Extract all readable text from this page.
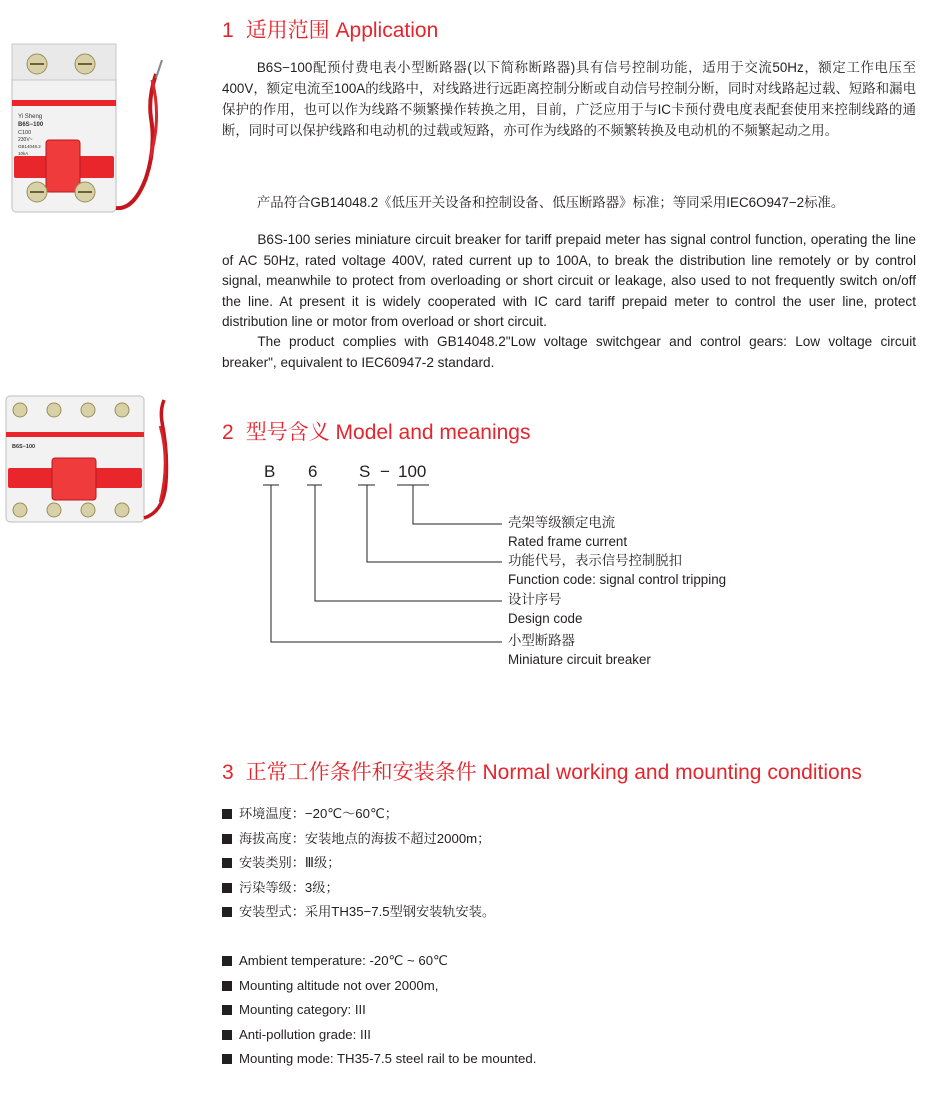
1 适用范围 Application

B6S−100配预付费电表小型断路器(以下简称断路器)具有信号控制功能，适用于交流50Hz，额定工作电压至400V，额定电流至100A的线路中，对线路进行远距离控制分断或自动信号控制分断，同时对线路起过载、短路和漏电保护的作用，也可以作为线路不频繁操作转换之用，目前，广泛应用于与IC卡预付费电度表配套使用来控制线路的通断，同时可以保护线路和电动机的过载或短路，亦可作为线路的不频繁转换及电动机的不频繁起动之用。

产品符合GB14048.2《低压开关设备和控制设备、低压断路器》标准；等同采用IEC6O947−2标准。

B6S-100 series miniature circuit breaker for tariff prepaid meter has signal control function, operating the line of AC 50Hz, rated voltage 400V, rated current up to 100A, to break the distribution line remotely or by control signal, meanwhile to protect from overloading or short circuit or leakage, also used to not frequently switch on/off the line. At present it is widely cooperated with IC card tariff prepaid meter to control the user line, protect distribution line or motor from overload or short circuit.

The product complies with GB14048.2"Low voltage switchgear and control gears: Low voltage circuit breaker", equivalent to IEC60947-2 standard.

Yi Sheng
B6S−100
C100
230V~
GB14048.2
10kA
B6S−100
2 型号含义 Model and meanings
B 6 S − 100
壳架等级额定电流
Rated frame current
功能代号，表示信号控制脱扣
Function code: signal control tripping
设计序号
Design code
小型断路器
Miniature circuit breaker
3 正常工作条件和安装条件 Normal working and mounting conditions
环境温度：−20℃～60℃；
海拔高度：安装地点的海拔不超过2000m；
安装类别：Ⅲ级；
污染等级：3级；
安装型式：采用TH35−7.5型钢安装轨安装。
Ambient temperature: -20℃ ~ 60℃
Mounting altitude not over 2000m,
Mounting category: III
Anti-pollution grade: III
Mounting mode: TH35-7.5 steel rail to be mounted.
